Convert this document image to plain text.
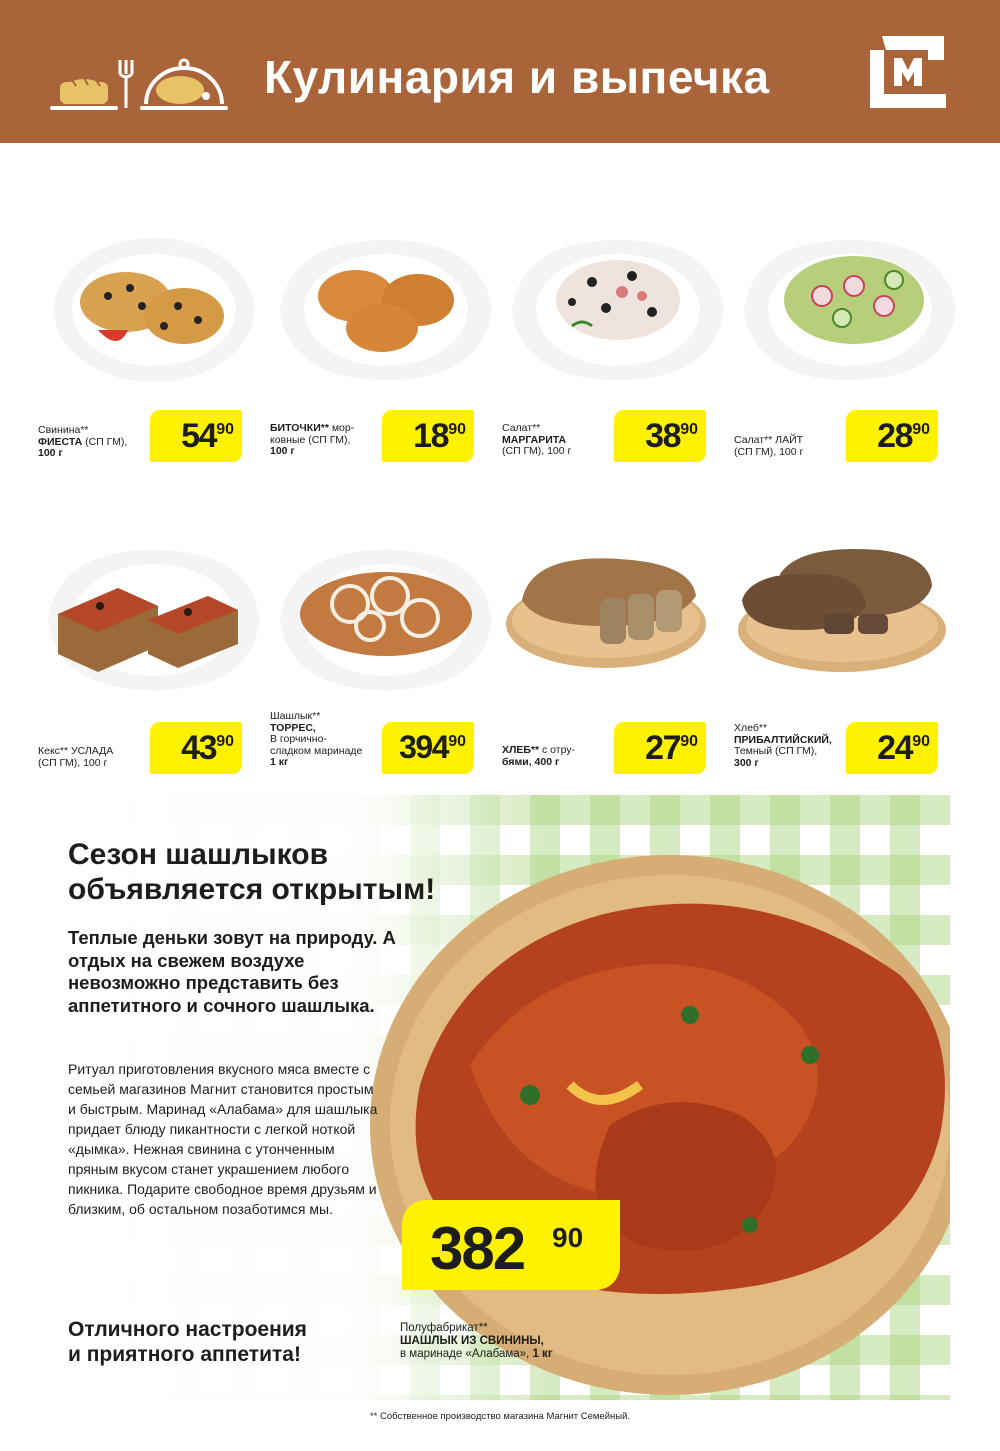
Кулинария и выпечка
Свинина**
ФИЕСТА (СП ГМ),
100 г	54 90	БИТОЧКИ** мор-
ковные (СП ГМ),
100 г	18 90	Салат**
МАРГАРИТА
(СП ГМ), 100 г	38 90
Салат** ЛАЙТ
(СП ГМ), 100 г	28 90
Кекс** УСЛАДА
(СП ГМ), 100 г	43 90
Шашлык**
ТОРРЕС,
В горчично-
сладком маринаде
1 кг	394 90	ХЛЕБ** с отру-
бями, 400 г	27 90
Хлеб**
ПРИБАЛТИЙСКИЙ,
Темный (СП ГМ),
300 г	24 90
Сезон шашлыков
объявляется открытым!
Теплые деньки зовут на природу. А отдых на свежем воздухе невозможно представить без аппетитного и сочного шашлыка.
Ритуал приготовления вкусного мяса вместе с семьей магазинов Магнит становится простым и быстрым. Маринад «Алабама» для шашлыка придает блюду пикантности с легкой ноткой «дымка». Нежная свинина с утонченным пряным вкусом станет украшением любого пикника. Подарите свободное время друзьям и близким, об остальном позаботимся мы.
Отличного настроения
и приятного аппетита!
382 90
Полуфабрикат**
ШАШЛЫК ИЗ СВИНИНЫ,
в маринаде «Алабама», 1 кг
** Собственное производство магазина Магнит Семейный.
